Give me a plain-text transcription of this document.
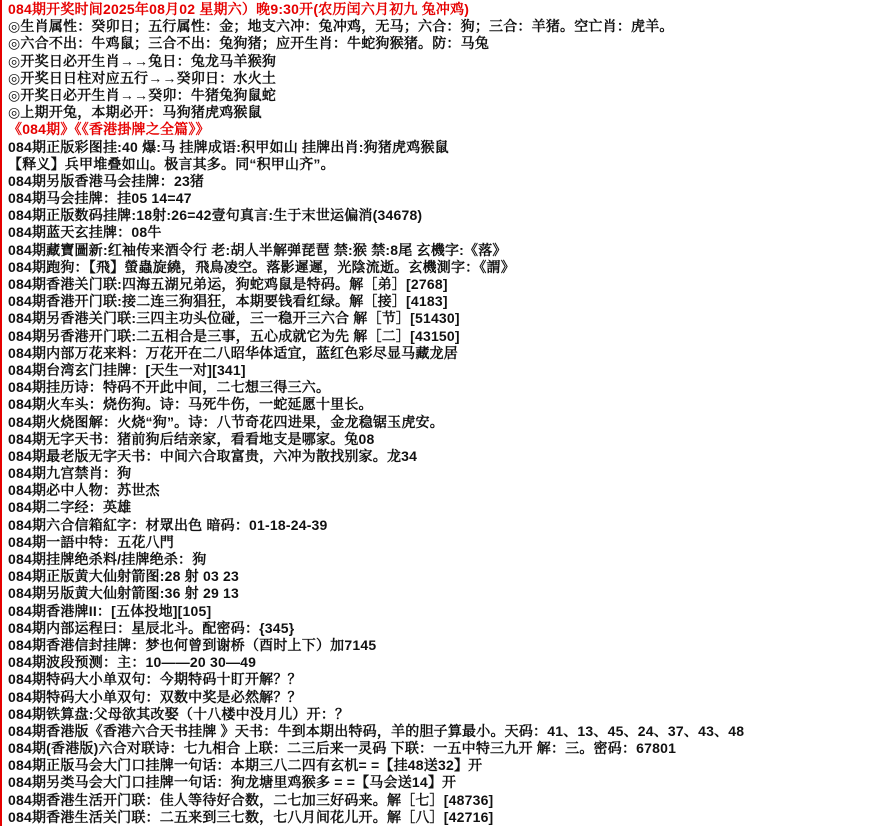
084期开奖时间2025年08月02 星期六）晚9:30开(农历闰六月初九 兔冲鸡)
◎生肖属性：癸卯日；五行属性：金；地支六冲：兔冲鸡，无马；六合：狗；三合：羊猪。空亡肖：虎羊。
◎六合不出：牛鸡鼠；三合不出：兔狗猪；应开生肖：牛蛇狗猴猪。防：马兔
◎开奖日必开生肖→→兔日：兔龙马羊猴狗
◎开奖日日柱对应五行→→癸卯日：水火土
◎开奖日必开生肖→→癸卯：牛猪兔狗鼠蛇
◎上期开兔，本期必开：马狗猪虎鸡猴鼠
《084期》《《香港掛牌之全篇》》
084期正版彩图挂:40 爆:马 挂牌成语:积甲如山 挂牌出肖:狗猪虎鸡猴鼠
【释义】兵甲堆叠如山。极言其多。同“积甲山齐”。
084期另版香港马会挂牌：23猪
084期马会挂牌：挂05 14=47
084期正版数码挂牌:18射:26=42壹句真言:生于末世运偏消(34678)
084期蓝天玄挂牌：08牛
084期藏寶圖新:红袖传来酒令行 老:胡人半解弹琵琶 禁:猴 禁:8尾 玄機字:《落》
084期跑狗：【飛】螢蟲旋繞，飛鳥凌空。落影遲遲，光陰流逝。玄機測字：《謂》
084期香港关门联:四海五湖兄弟运，狗蛇鸡鼠是特码。解［弟］[2768]
084期香港开门联:接二连三狗猖狂，本期要钱看红绿。解［接］[4183]
084期另香港关门联:三四主功头位碰，三一稳开三六合 解［节］[51430]
084期另香港开门联:二五相合是三事，五心成就它为先 解［二］[43150]
084期内部万花来料：万花开在二八昭华体适宜，蓝红色彩尽显马藏龙居
084期台湾玄门挂牌：[天生一对][341]
084期挂历诗：特码不开此中间，二七想三得三六。
084期火车头：烧伤狗。诗：马死牛伤，一蛇延愿十里长。
084期火烧图解：火烧“狗”。诗：八节奇花四进果，金龙稳锯玉虎安。
084期无字天书：猪前狗后结亲家，看看地支是哪家。兔08
084期最老版无字天书：中间六合取富贵，六冲为散找别家。龙34
084期九宫禁肖：狗
084期必中人物：苏世杰
084期二字经：英雄
084期六合信箱紅字：材眾出色 暗码：01-18-24-39
084期一語中特：五花八門
084期挂牌绝杀料/挂牌绝杀：狗
084期正版黄大仙射箭图:28 射 03 23
084期另版黄大仙射箭图:36 射 29 13
084期香港牌II：[五体投地][105]
084期内部运程曰：星辰北斗。配密码：{345}
084期香港信封挂牌：梦也何曾到谢桥（酉时上下）加7145
084期波段预测：主：10——20 30—49
084期特码大小单双句：今期特码十盯开解？？
084期特码大小单双句：双数中奖是必然解？？
084期铁算盘:父母欲其改娶（十八楼中没月儿）开：？
084期香港版《香港六合天书挂牌 》天书：牛到本期出特码，羊的胆子算最小。天码：41、13、45、24、37、43、48
084期(香港版)六合对联诗：七九相合 上联：二三后来一灵码 下联：一五中特三九开 解：三。密码：67801
084期正版马会大门口挂牌一句话：本期三八二四有玄机= =【挂48送32】开
084期另类马会大门口挂牌一句话：狗龙塘里鸡猴多 = =【马会送14】开
084期香港生活开门联：佳人等待好合数，二七加三好码来。解［七］[48736]
084期香港生活关门联：二五来到三七数，七八月间花儿开。解［八］[42716]
